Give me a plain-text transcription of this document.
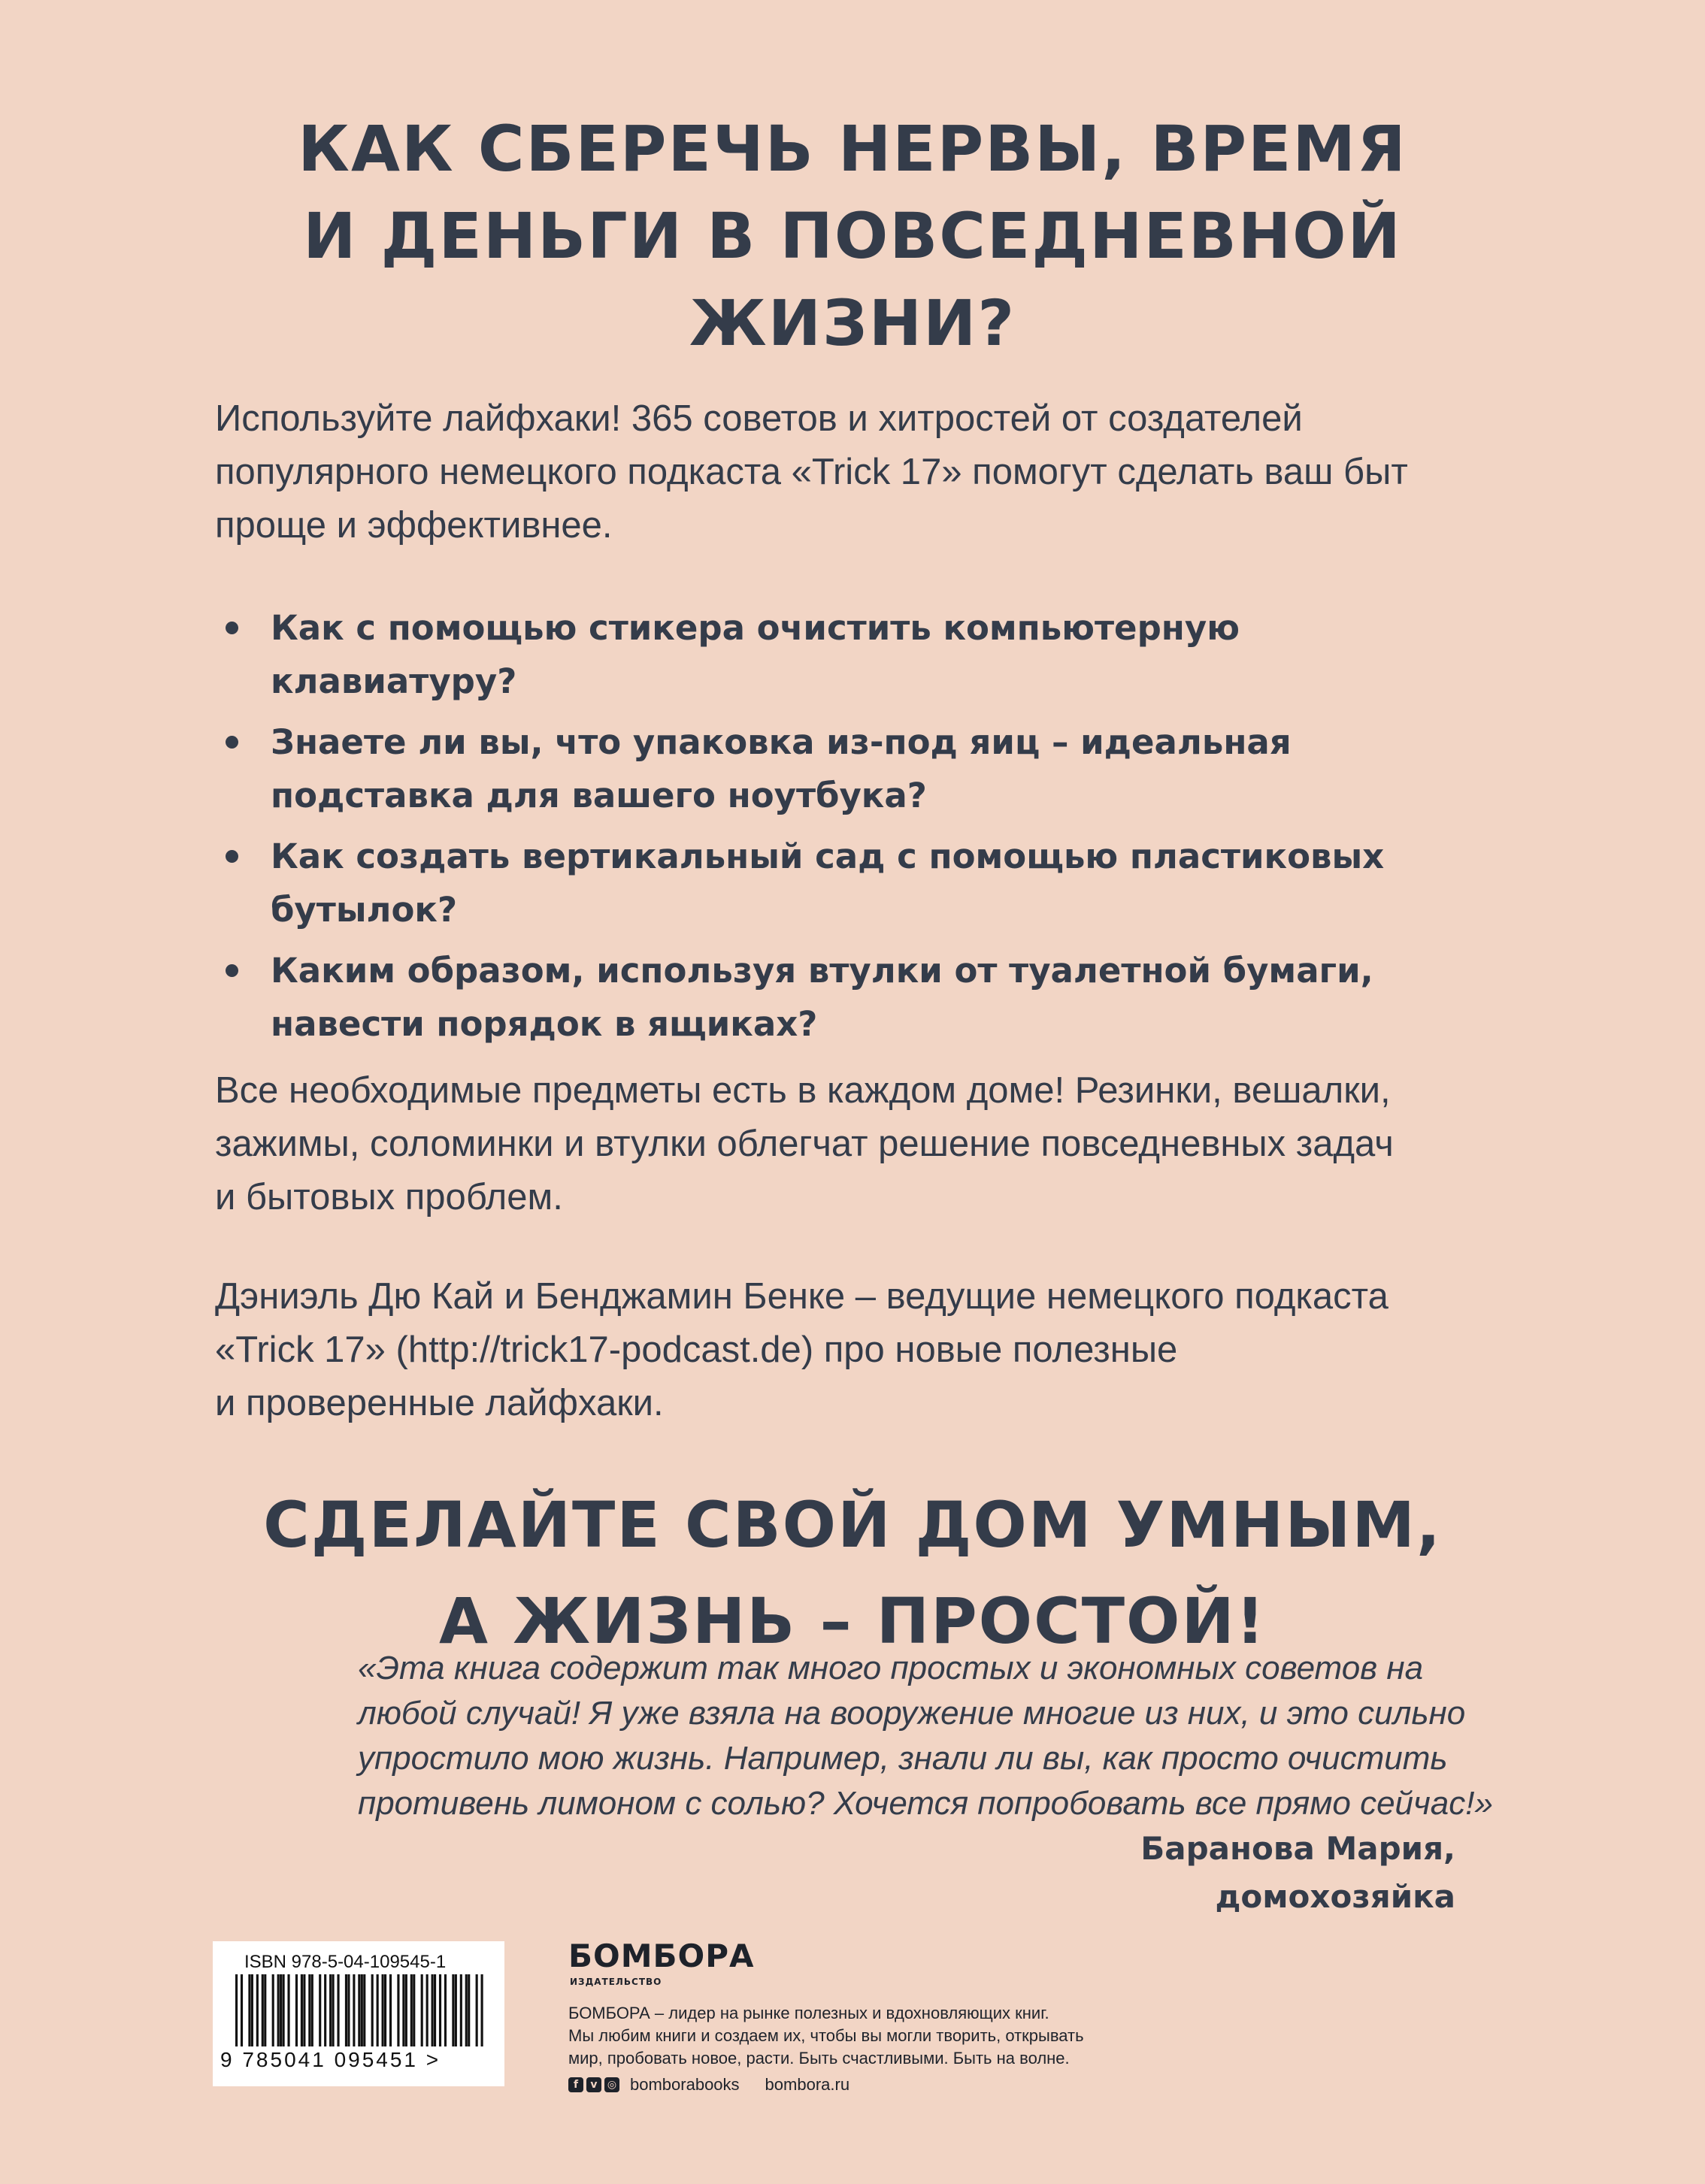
КАК СБЕРЕЧЬ НЕРВЫ, ВРЕМЯ
И ДЕНЬГИ В ПОВСЕДНЕВНОЙ
ЖИЗНИ?
Используйте лайфхаки! 365 советов и хитростей от создателей
популярного немецкого подкаста «Trick 17» помогут сделать ваш быт
проще и эффективнее.
Как с помощью стикера очистить компьютерную
клавиатуру?
Знаете ли вы, что упаковка из-под яиц – идеальная
подставка для вашего ноутбука?
Как создать вертикальный сад с помощью пластиковых
бутылок?
Каким образом, используя втулки от туалетной бумаги,
навести порядок в ящиках?
Все необходимые предметы есть в каждом доме! Резинки, вешалки,
зажимы, соломинки и втулки облегчат решение повседневных задач
и бытовых проблем.
Дэниэль Дю Кай и Бенджамин Бенке – ведущие немецкого подкаста
«Trick 17» (http://trick17-podcast.de) про новые полезные
и проверенные лайфхаки.
СДЕЛАЙТЕ СВОЙ ДОМ УМНЫМ,
А ЖИЗНЬ – ПРОСТОЙ!
«Эта книга содержит так много простых и экономных советов на
любой случай! Я уже взяла на вооружение многие из них, и это сильно
упростило мою жизнь. Например, знали ли вы, как просто очистить
противень лимоном с солью? Хочется попробовать все прямо сейчас!»
Баранова Мария,
домохозяйка
ISBN 978-5-04-109545-1
9 785041 095451 >
БОМБОРА
ИЗДАТЕЛЬСТВО
БОМБОРА – лидер на рынке полезных и вдохновляющих книг.
Мы любим книги и создаем их, чтобы вы могли творить, открывать
мир, пробовать новое, расти. Быть счастливыми. Быть на волне.
f	v ◎ bomborabooks bombora.ru
